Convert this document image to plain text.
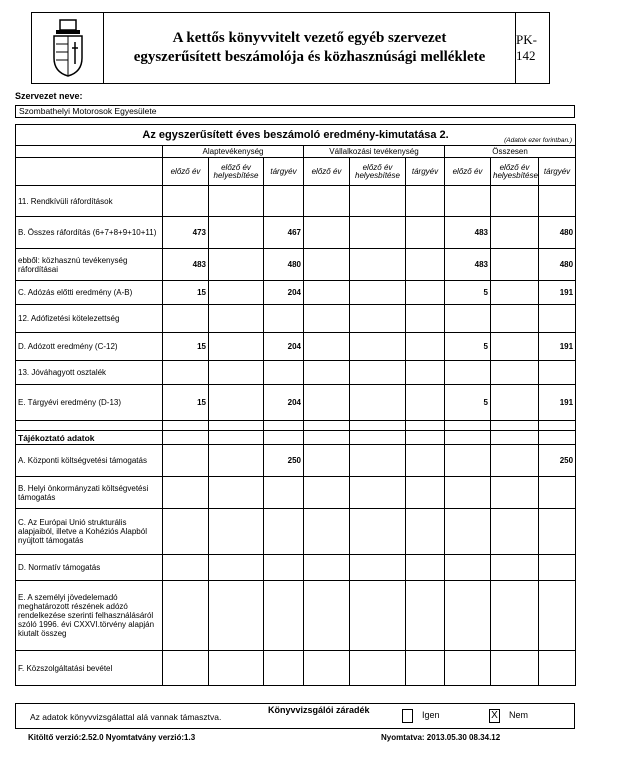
A kettős könyvvitelt vezető egyéb szervezet
egyszerűsített beszámolója és közhasznúsági melléklete
PK-142
Szervezet neve:
Szombathelyi Motorosok Egyesülete
Az egyszerűsített éves beszámoló eredmény-kimutatása 2. (Adatok ezer forintban.)									

	Alaptevékenység			Vállalkozási tevékenység			Összesen		
	előző év	előző év helyesbítése	tárgyév	előző év	előző év helyesbítése	tárgyév	előző év	előző év helyesbítése	tárgyév
11. Rendkívüli ráfordítások									
B. Összes ráfordítás (6+7+8+9+10+11)	473		467				483		480
ebből: közhasznú tevékenység ráfordításai	483		480				483		480
C. Adózás előtti eredmény (A-B)	15		204				5		191
12. Adófizetési kötelezettség									
D. Adózott eredmény (C-12)	15		204				5		191
13. Jóváhagyott osztalék									
E. Tárgyévi eredmény (D-13)	15		204				5		191

Tájékoztató adatok									
A. Központi költségvetési támogatás			250						250
B. Helyi önkormányzati költségvetési támogatás									
C. Az Európai Unió strukturális alapjaiból, illetve a Kohéziós Alapból nyújtott támogatás									
D. Normatív támogatás									
E. A személyi jövedelemadó meghatározott részének adózó rendelkezése szerinti felhasználásáról szóló 1996. évi CXXVI.törvény alapján kiutalt összeg									
F. Közszolgáltatási bevétel									
Könyvvizsgálói záradék
Az adatok könyvvizsgálattal alá vannak támasztva.	Igen	X Nem
Kitöltő verzió:2.52.0 Nyomtatvány verzió:1.3	Nyomtatva: 2013.05.30 08.34.12
